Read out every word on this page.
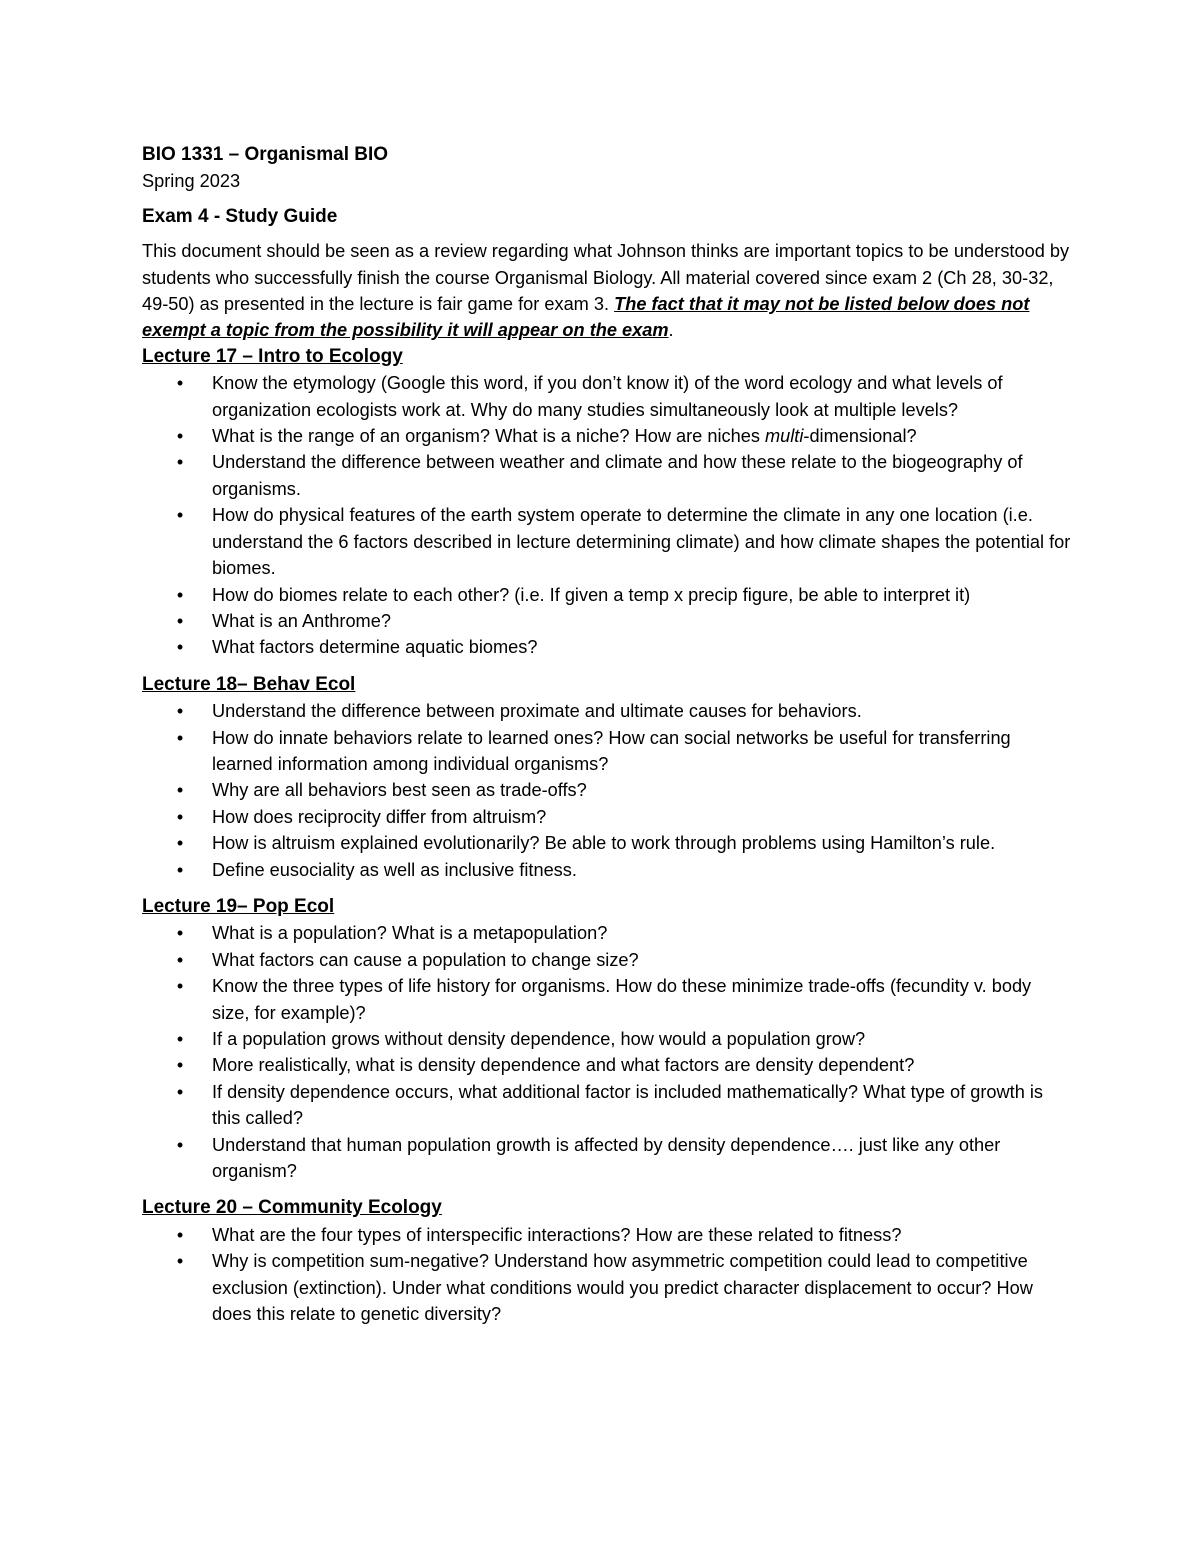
BIO 1331 – Organismal BIO

Spring 2023

Exam 4 - Study Guide

This document should be seen as a review regarding what Johnson thinks are important topics to be understood by students who successfully finish the course Organismal Biology. All material covered since exam 2 (Ch 28, 30-32, 49-50) as presented in the lecture is fair game for exam 3. The fact that it may not be listed below does not exempt a topic from the possibility it will appear on the exam.

Lecture 17 – Intro to Ecology

• Know the etymology (Google this word, if you don’t know it) of the word ecology and what levels of organization ecologists work at. Why do many studies simultaneously look at multiple levels?
• What is the range of an organism? What is a niche? How are niches multi-dimensional?
• Understand the difference between weather and climate and how these relate to the biogeography of organisms.
• How do physical features of the earth system operate to determine the climate in any one location (i.e. understand the 6 factors described in lecture determining climate) and how climate shapes the potential for biomes.
• How do biomes relate to each other? (i.e. If given a temp x precip figure, be able to interpret it)
• What is an Anthrome?
• What factors determine aquatic biomes?

Lecture 18– Behav Ecol

• Understand the difference between proximate and ultimate causes for behaviors.
• How do innate behaviors relate to learned ones? How can social networks be useful for transferring learned information among individual organisms?
• Why are all behaviors best seen as trade-offs?
• How does reciprocity differ from altruism?
• How is altruism explained evolutionarily? Be able to work through problems using Hamilton’s rule.
• Define eusociality as well as inclusive fitness.

Lecture 19– Pop Ecol

• What is a population? What is a metapopulation?
• What factors can cause a population to change size?
• Know the three types of life history for organisms. How do these minimize trade-offs (fecundity v. body size, for example)?
• If a population grows without density dependence, how would a population grow?
• More realistically, what is density dependence and what factors are density dependent?
• If density dependence occurs, what additional factor is included mathematically? What type of growth is this called?
• Understand that human population growth is affected by density dependence…. just like any other organism?

Lecture 20 – Community Ecology

• What are the four types of interspecific interactions? How are these related to fitness?
• Why is competition sum-negative? Understand how asymmetric competition could lead to competitive exclusion (extinction). Under what conditions would you predict character displacement to occur? How does this relate to genetic diversity?
